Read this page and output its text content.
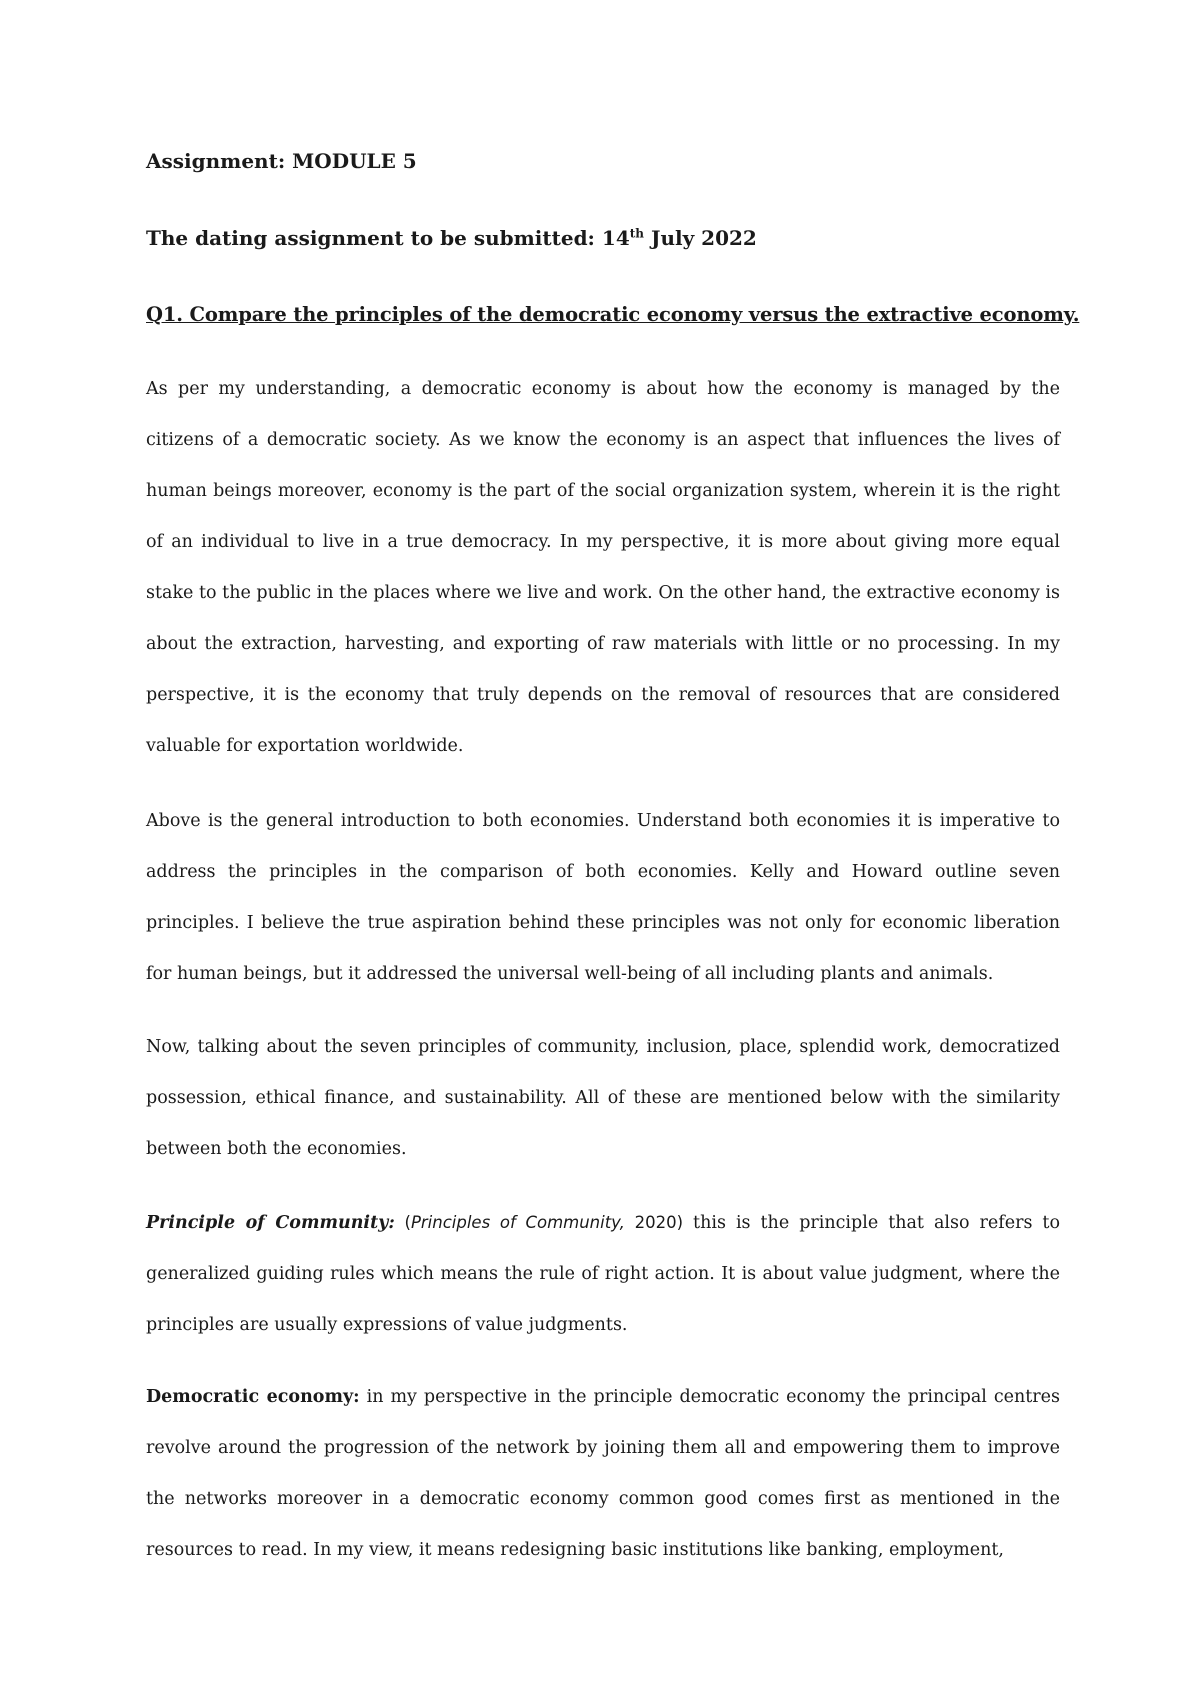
Assignment: MODULE 5

The dating assignment to be submitted: 14th July 2022

Q1. Compare the principles of the democratic economy versus the extractive economy.

As per my understanding, a democratic economy is about how the economy is managed by the citizens of a democratic society. As we know the economy is an aspect that influences the lives of human beings moreover, economy is the part of the social organization system, wherein it is the right of an individual to live in a true democracy. In my perspective, it is more about giving more equal stake to the public in the places where we live and work. On the other hand, the extractive economy is about the extraction, harvesting, and exporting of raw materials with little or no processing. In my perspective, it is the economy that truly depends on the removal of resources that are considered valuable for exportation worldwide.

Above is the general introduction to both economies. Understand both economies it is imperative to address the principles in the comparison of both economies. Kelly and Howard outline seven principles. I believe the true aspiration behind these principles was not only for economic liberation for human beings, but it addressed the universal well-being of all including plants and animals.

Now, talking about the seven principles of community, inclusion, place, splendid work, democratized possession, ethical finance, and sustainability. All of these are mentioned below with the similarity between both the economies.

Principle of Community: (Principles of Community, 2020) this is the principle that also refers to generalized guiding rules which means the rule of right action. It is about value judgment, where the principles are usually expressions of value judgments.

Democratic economy: in my perspective in the principle democratic economy the principal centres revolve around the progression of the network by joining them all and empowering them to improve the networks moreover in a democratic economy common good comes first as mentioned in the resources to read. In my view, it means redesigning basic institutions like banking, employment,
